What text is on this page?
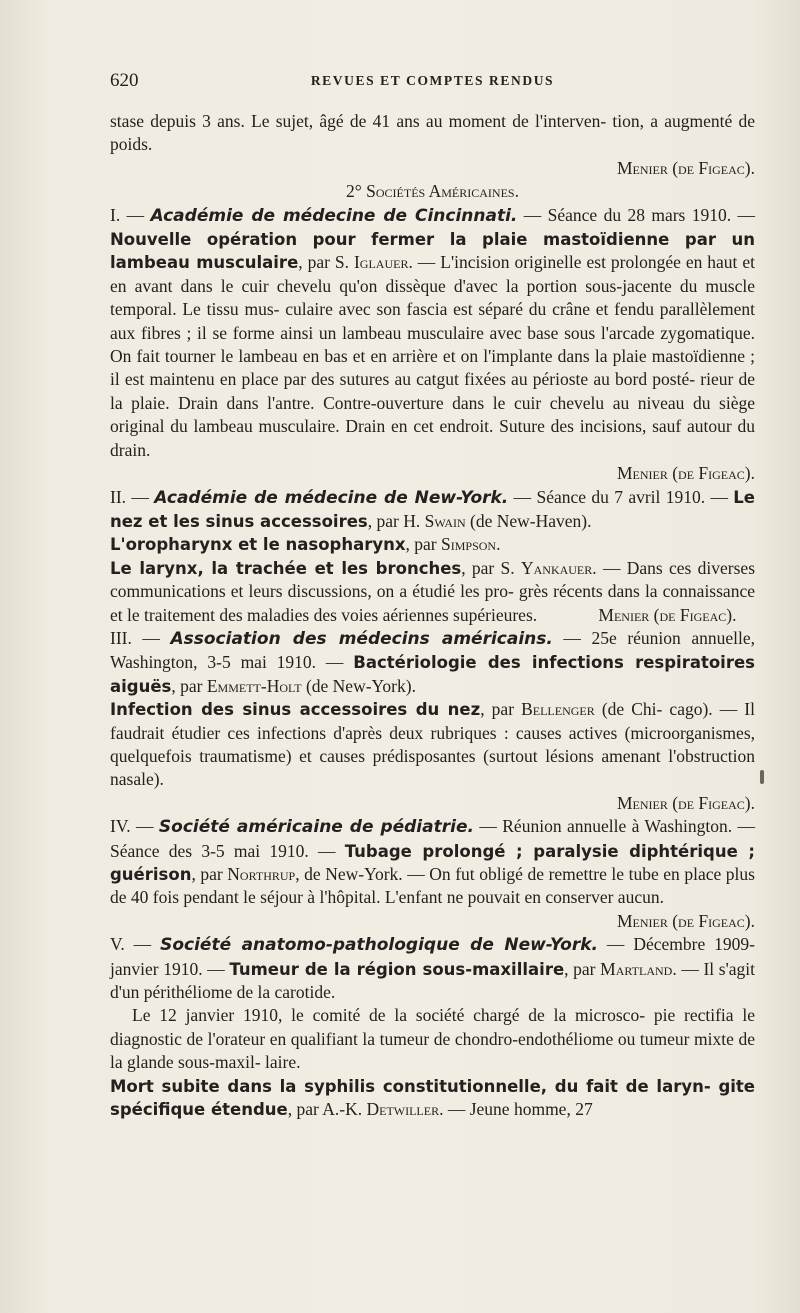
620	REVUES ET COMPTES RENDUS

stase depuis 3 ans. Le sujet, âgé de 41 ans au moment de l'interven- tion, a augmenté de poids.

Menier (de Figeac).

2° Sociétés Américaines.

I. — Académie de médecine de Cincinnati. — Séance du 28 mars 1910. — Nouvelle opération pour fermer la plaie mastoïdienne par un lambeau musculaire, par S. Iglauer. — L'incision originelle est prolongée en haut et en avant dans le cuir chevelu qu'on dissèque d'avec la portion sous-jacente du muscle temporal. Le tissu mus- culaire avec son fascia est séparé du crâne et fendu parallèlement aux fibres ; il se forme ainsi un lambeau musculaire avec base sous l'arcade zygomatique. On fait tourner le lambeau en bas et en arrière et on l'implante dans la plaie mastoïdienne ; il est maintenu en place par des sutures au catgut fixées au périoste au bord posté- rieur de la plaie. Drain dans l'antre. Contre-ouverture dans le cuir chevelu au niveau du siège original du lambeau musculaire. Drain en cet endroit. Suture des incisions, sauf autour du drain.

Menier (de Figeac).

II. — Académie de médecine de New-York. — Séance du 7 avril 1910. — Le nez et les sinus accessoires, par H. Swain (de New-Haven).

L'oropharynx et le nasopharynx, par Simpson.

Le larynx, la trachée et les bronches, par S. Yankauer. — Dans ces diverses communications et leurs discussions, on a étudié les pro- grès récents dans la connaissance et le traitement des maladies des voies aériennes supérieures.	Menier (de Figeac).

III. — Association des médecins américains. — 25e réunion annuelle, Washington, 3-5 mai 1910. — Bactériologie des infections respiratoires aiguës, par Emmett-Holt (de New-York).

Infection des sinus accessoires du nez, par Bellenger (de Chi- cago). — Il faudrait étudier ces infections d'après deux rubriques : causes actives (microorganismes, quelquefois traumatisme) et causes prédisposantes (surtout lésions amenant l'obstruction nasale).

Menier (de Figeac).

IV. — Société américaine de pédiatrie. — Réunion annuelle à Washington. — Séance des 3-5 mai 1910. — Tubage prolongé ; paralysie diphtérique ; guérison, par Northrup, de New-York. — On fut obligé de remettre le tube en place plus de 40 fois pendant le séjour à l'hôpital. L'enfant ne pouvait en conserver aucun.

Menier (de Figeac).

V. — Société anatomo-pathologique de New-York. — Décembre 1909-janvier 1910. — Tumeur de la région sous-maxillaire, par Martland. — Il s'agit d'un périthéliome de la carotide.

Le 12 janvier 1910, le comité de la société chargé de la microsco- pie rectifia le diagnostic de l'orateur en qualifiant la tumeur de chondro-endothéliome ou tumeur mixte de la glande sous-maxil- laire.

Mort subite dans la syphilis constitutionnelle, du fait de laryn- gite spécifique étendue, par A.-K. Detwiller. — Jeune homme, 27
